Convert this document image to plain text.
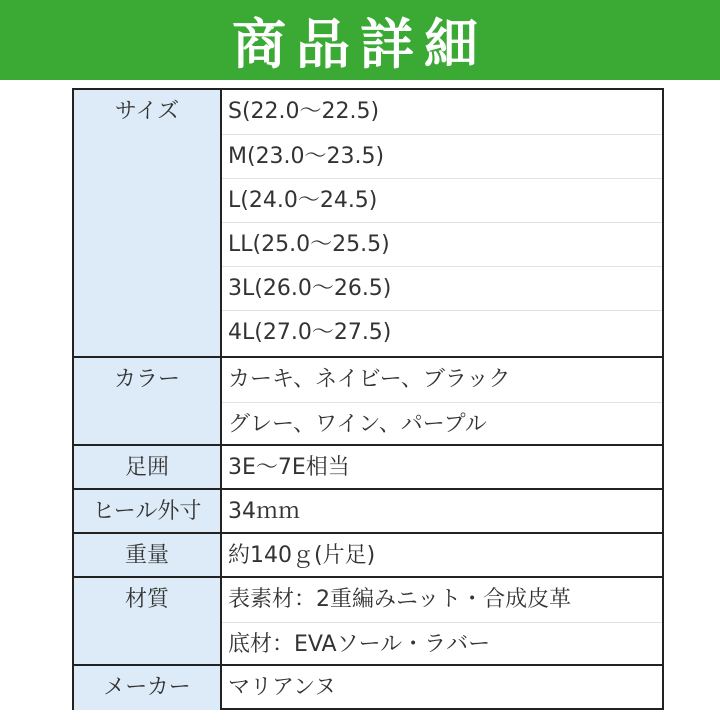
商品詳細
サイズ	S(22.0〜22.5)
M(23.0〜23.5)
L(24.0〜24.5)
LL(25.0〜25.5)
3L(26.0〜26.5)
4L(27.0〜27.5)
カラー	カーキ、ネイビー、ブラック
グレー、ワイン、パープル
足囲	3E〜7E相当
ヒール外寸	34ｍｍ
重量	約140ｇ(片足)
材質	表素材：2重編みニット・合成皮革
底材：EVAソール・ラバー
メーカー	マリアンヌ
